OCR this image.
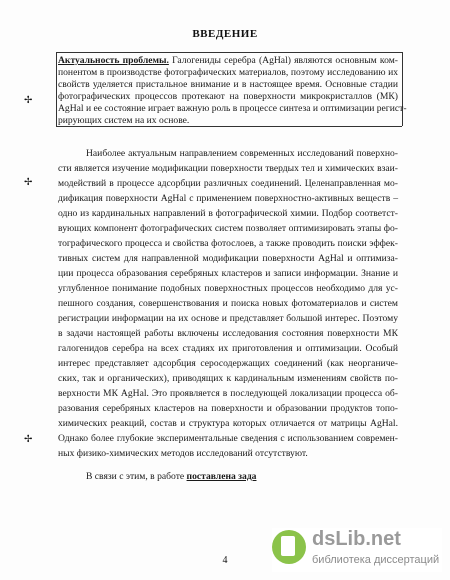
ВВЕДЕНИЕ
Актуальность проблемы. Галогениды серебра (AgHal) являются основным ком-
понентом в производстве фотографических материалов, поэтому исследованию их
свойств уделяется пристальное внимание и в настоящее время. Основные стадии
фотографических процессов протекают на поверхности микрокристаллов (МК)
AgHal и ее состояние играет важную роль в процессе синтеза и оптимизации регист-
рирующих систем на их основе.
✢
✢
✢
Наиболее актуальным направлением современных исследований поверхно-
сти является изучение модификации поверхности твердых тел и химических взаи-
модействий в процессе адсорбции различных соединений. Целенаправленная мо-
дификация поверхности AgHal с применением поверхностно-активных веществ –
одно из кардинальных направлений в фотографической химии. Подбор соответст-
вующих компонент фотографических систем позволяет оптимизировать этапы фо-
тографического процесса и свойства фотослоев, а также проводить поиски эффек-
тивных систем для направленной модификации поверхности AgHal и оптимиза-
ции процесса образования серебряных кластеров и записи информации. Знание и
углубленное понимание подобных поверхностных процессов необходимо для ус-
пешного создания, совершенствования и поиска новых фотоматериалов и систем
регистрации информации на их основе и представляет большой интерес. Поэтому
в задачи настоящей работы включены исследования состояния поверхности МК
галогенидов серебра на всех стадиях их приготовления и оптимизации. Особый
интерес представляет адсорбция серосодержащих соединений (как неорганиче-
ских, так и органических), приводящих к кардинальным изменениям свойств по-
верхности МК AgHal. Это проявляется в последующей локализации процесса об-
разования серебряных кластеров на поверхности и образовании продуктов топо-
химических реакций, состав и структура которых отличается от матрицы AgHal.
Однако более глубокие экспериментальные сведения с использованием современ-
ных физико-химических методов исследований отсутствуют.
В связи с этим, в работе поставлена зада
4
dsLib.net
библиотека диссертаций
